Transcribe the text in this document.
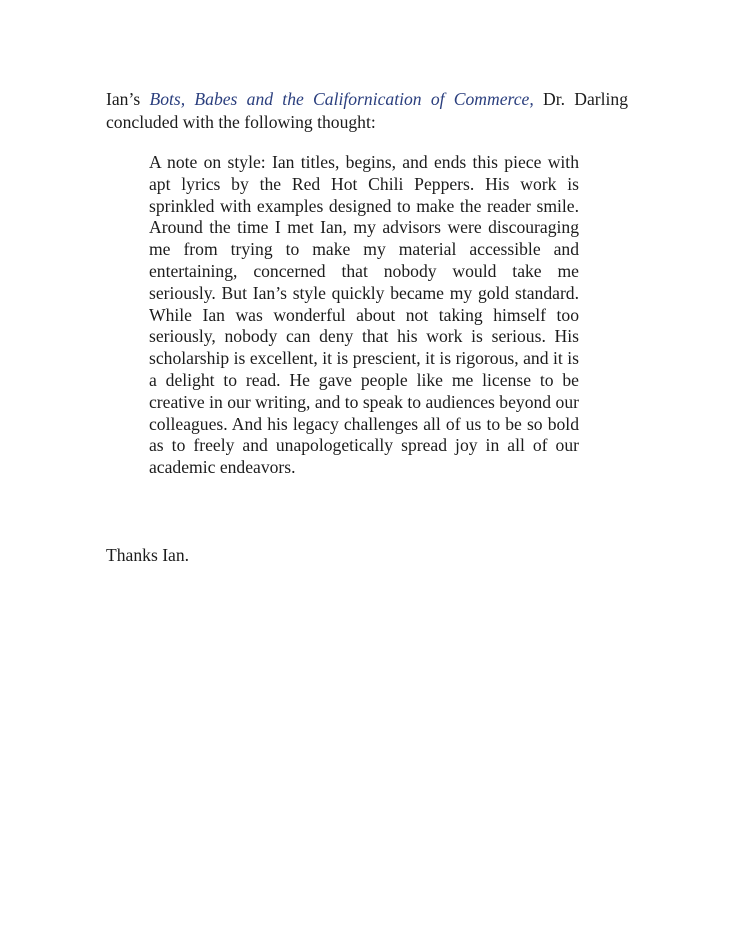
Ian’s Bots, Babes and the Californication of Commerce, Dr. Darling
concluded with the following thought:

A note on style: Ian titles, begins, and ends this piece with apt lyrics by the Red Hot Chili Peppers. His work is sprinkled with examples designed to make the reader smile. Around the time I met Ian, my advisors were discouraging me from trying to make my material accessible and entertaining, concerned that nobody would take me seriously. But Ian’s style quickly became my gold standard. While Ian was wonderful about not taking himself too seriously, nobody can deny that his work is serious. His scholarship is excellent, it is prescient, it is rigorous, and it is a delight to read. He gave people like me license to be creative in our writing, and to speak to audiences beyond our colleagues. And his legacy challenges all of us to be so bold as to freely and unapologetically spread joy in all of our academic endeavors.

Thanks Ian.
